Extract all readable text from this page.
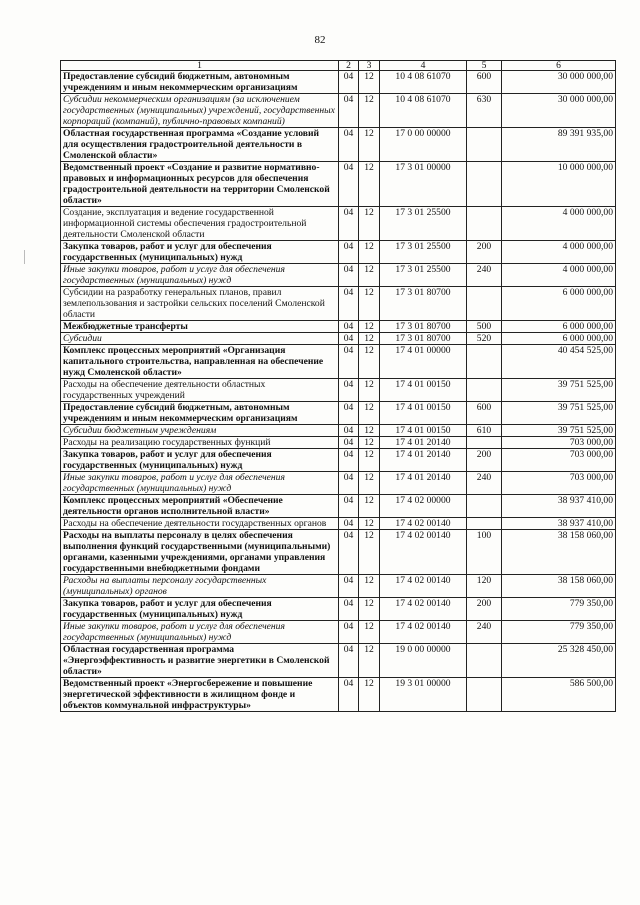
82
1	2	3	4	5	6
Предоставление субсидий бюджетным, автономным учреждениям и иным некоммерческим организациям	04	12	10 4 08 61070	600	30 000 000,00
Субсидии некоммерческим организациям (за исключением государственных (муниципальных) учреждений, государственных корпораций (компаний), публично-правовых компаний)	04	12	10 4 08 61070	630	30 000 000,00
Областная государственная программа «Создание условий для осуществления градостроительной деятельности в Смоленской области»	04	12	17 0 00 00000		89 391 935,00
Ведомственный проект «Создание и развитие нормативно-правовых и информационных ресурсов для обеспечения градостроительной деятельности на территории Смоленской области»	04	12	17 3 01 00000		10 000 000,00
Создание, эксплуатация и ведение государственной информационной системы обеспечения градостроительной деятельности Смоленской области	04	12	17 3 01 25500		4 000 000,00
Закупка товаров, работ и услуг для обеспечения государственных (муниципальных) нужд	04	12	17 3 01 25500	200	4 000 000,00
Иные закупки товаров, работ и услуг для обеспечения государственных (муниципальных) нужд	04	12	17 3 01 25500	240	4 000 000,00
Субсидии на разработку генеральных планов, правил землепользования и застройки сельских поселений Смоленской области	04	12	17 3 01 80700		6 000 000,00
Межбюджетные трансферты	04	12	17 3 01 80700	500	6 000 000,00
Субсидии	04	12	17 3 01 80700	520	6 000 000,00
Комплекс процессных мероприятий «Организация капитального строительства, направленная на обеспечение нужд Смоленской области»	04	12	17 4 01 00000		40 454 525,00
Расходы на обеспечение деятельности областных государственных учреждений	04	12	17 4 01 00150		39 751 525,00
Предоставление субсидий бюджетным, автономным учреждениям и иным некоммерческим организациям	04	12	17 4 01 00150	600	39 751 525,00
Субсидии бюджетным учреждениям	04	12	17 4 01 00150	610	39 751 525,00
Расходы на реализацию государственных функций	04	12	17 4 01 20140		703 000,00
Закупка товаров, работ и услуг для обеспечения государственных (муниципальных) нужд	04	12	17 4 01 20140	200	703 000,00
Иные закупки товаров, работ и услуг для обеспечения государственных (муниципальных) нужд	04	12	17 4 01 20140	240	703 000,00
Комплекс процессных мероприятий «Обеспечение деятельности органов исполнительной власти»	04	12	17 4 02 00000		38 937 410,00
Расходы на обеспечение деятельности государственных органов	04	12	17 4 02 00140		38 937 410,00
Расходы на выплаты персоналу в целях обеспечения выполнения функций государственными (муниципальными) органами, казенными учреждениями, органами управления государственными внебюджетными фондами	04	12	17 4 02 00140	100	38 158 060,00
Расходы на выплаты персоналу государственных (муниципальных) органов	04	12	17 4 02 00140	120	38 158 060,00
Закупка товаров, работ и услуг для обеспечения государственных (муниципальных) нужд	04	12	17 4 02 00140	200	779 350,00
Иные закупки товаров, работ и услуг для обеспечения государственных (муниципальных) нужд	04	12	17 4 02 00140	240	779 350,00
Областная государственная программа «Энергоэффективность и развитие энергетики в Смоленской области»	04	12	19 0 00 00000		25 328 450,00
Ведомственный проект «Энергосбережение и повышение энергетической эффективности в жилищном фонде и объектов коммунальной инфраструктуры»	04	12	19 3 01 00000		586 500,00
